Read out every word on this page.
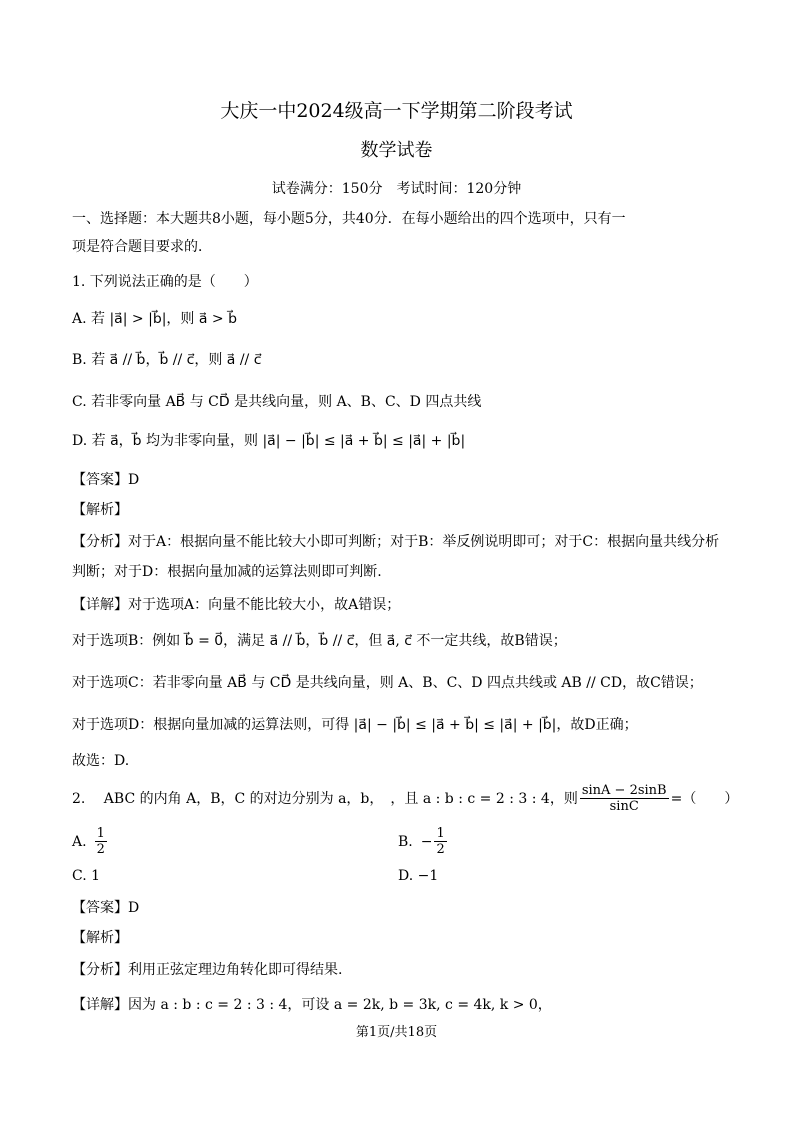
大庆一中2024级高一下学期第二阶段考试
数学试卷
试卷满分：150分　考试时间：120分钟
一、选择题：本大题共8小题，每小题5分，共40分．在每小题给出的四个选项中，只有一
项是符合题目要求的．
1. 下列说法正确的是（　　）
A. 若 |a⃗| > |b⃗|，则 a⃗ > b⃗
B. 若 a⃗ // b⃗，b⃗ // c⃗，则 a⃗ // c⃗
C. 若非零向量 AB⃗ 与 CD⃗ 是共线向量，则 A、B、C、D 四点共线
D. 若 a⃗，b⃗ 均为非零向量，则 |a⃗| − |b⃗| ≤ |a⃗ + b⃗| ≤ |a⃗| + |b⃗|
【答案】D
【解析】
【分析】对于A：根据向量不能比较大小即可判断；对于B：举反例说明即可；对于C：根据向量共线分析
判断；对于D：根据向量加减的运算法则即可判断.
【详解】对于选项A：向量不能比较大小，故A错误；
对于选项B：例如 b⃗ = 0⃗，满足 a⃗ // b⃗，b⃗ // c⃗，但 a⃗, c⃗ 不一定共线，故B错误；
对于选项C：若非零向量 AB⃗ 与 CD⃗ 是共线向量，则 A、B、C、D 四点共线或 AB // CD，故C错误；
对于选项D：根据向量加减的运算法则，可得 |a⃗| − |b⃗| ≤ |a⃗ + b⃗| ≤ |a⃗| + |b⃗|，故D正确；
故选：D.
2. 　ABC 的内角 A，B，C 的对边分别为 a，b，　，且 a : b : c = 2 : 3 : 4，则 $\frac{\sin A - 2\sin B}{\sin C}$ =（　　）
A. $\frac{1}{2}$	B. − $\frac{1}{2}$
C. 1	D. −1
【答案】D
【解析】
【分析】利用正弦定理边角转化即可得结果.
【详解】因为 a : b : c = 2 : 3 : 4，可设 a = 2k, b = 3k, c = 4k, k > 0，
第1页/共18页
